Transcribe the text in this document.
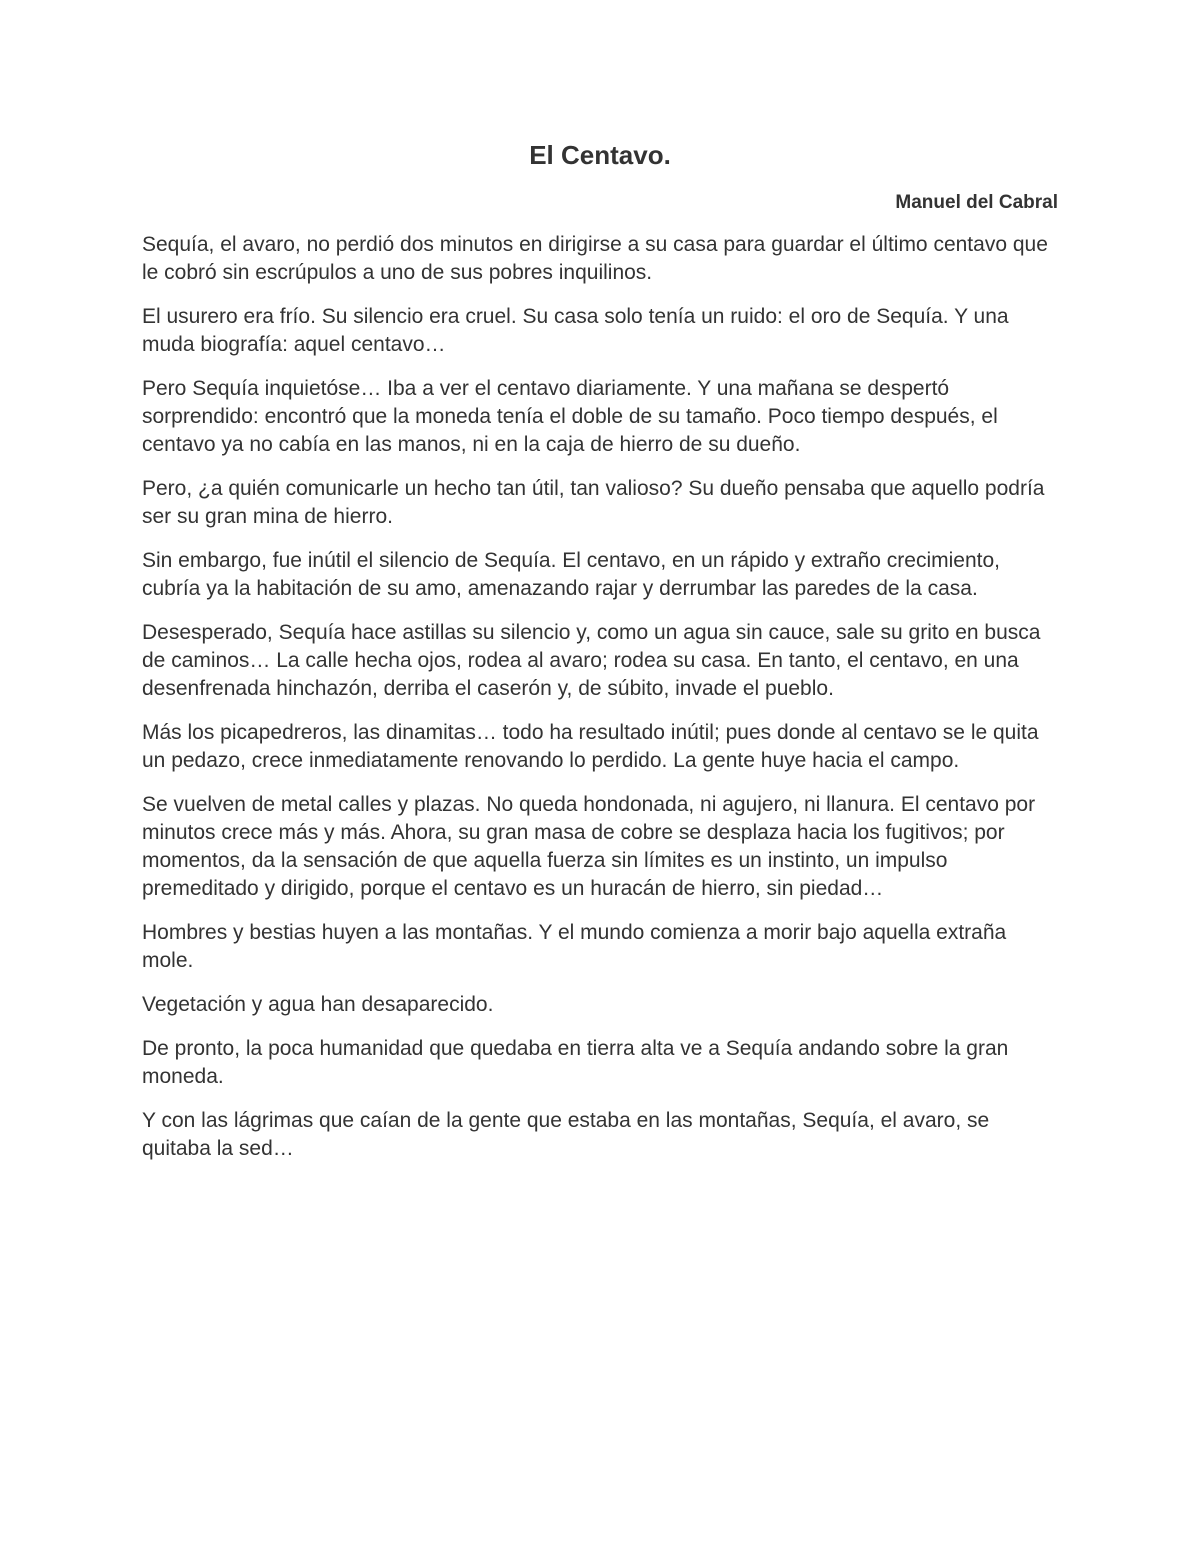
El Centavo.
Manuel del Cabral

Sequía, el avaro, no perdió dos minutos en dirigirse a su casa para guardar el último centavo que le cobró sin escrúpulos a uno de sus pobres inquilinos.

El usurero era frío. Su silencio era cruel. Su casa solo tenía un ruido: el oro de Sequía. Y una muda biografía: aquel centavo…

Pero Sequía inquietóse… Iba a ver el centavo diariamente. Y una mañana se despertó sorprendido: encontró que la moneda tenía el doble de su tamaño. Poco tiempo después, el centavo ya no cabía en las manos, ni en la caja de hierro de su dueño.

Pero, ¿a quién comunicarle un hecho tan útil, tan valioso? Su dueño pensaba que aquello podría ser su gran mina de hierro.

Sin embargo, fue inútil el silencio de Sequía. El centavo, en un rápido y extraño crecimiento, cubría ya la habitación de su amo, amenazando rajar y derrumbar las paredes de la casa.

Desesperado, Sequía hace astillas su silencio y, como un agua sin cauce, sale su grito en busca de caminos… La calle hecha ojos, rodea al avaro; rodea su casa. En tanto, el centavo, en una desenfrenada hinchazón, derriba el caserón y, de súbito, invade el pueblo.

Más los picapedreros, las dinamitas… todo ha resultado inútil; pues donde al centavo se le quita un pedazo, crece inmediatamente renovando lo perdido. La gente huye hacia el campo.

Se vuelven de metal calles y plazas. No queda hondonada, ni agujero, ni llanura. El centavo por minutos crece más y más. Ahora, su gran masa de cobre se desplaza hacia los fugitivos; por momentos, da la sensación de que aquella fuerza sin límites es un instinto, un impulso premeditado y dirigido, porque el centavo es un huracán de hierro, sin piedad…

Hombres y bestias huyen a las montañas. Y el mundo comienza a morir bajo aquella extraña mole.

Vegetación y agua han desaparecido.

De pronto, la poca humanidad que quedaba en tierra alta ve a Sequía andando sobre la gran moneda.

Y con las lágrimas que caían de la gente que estaba en las montañas, Sequía, el avaro, se quitaba la sed…
